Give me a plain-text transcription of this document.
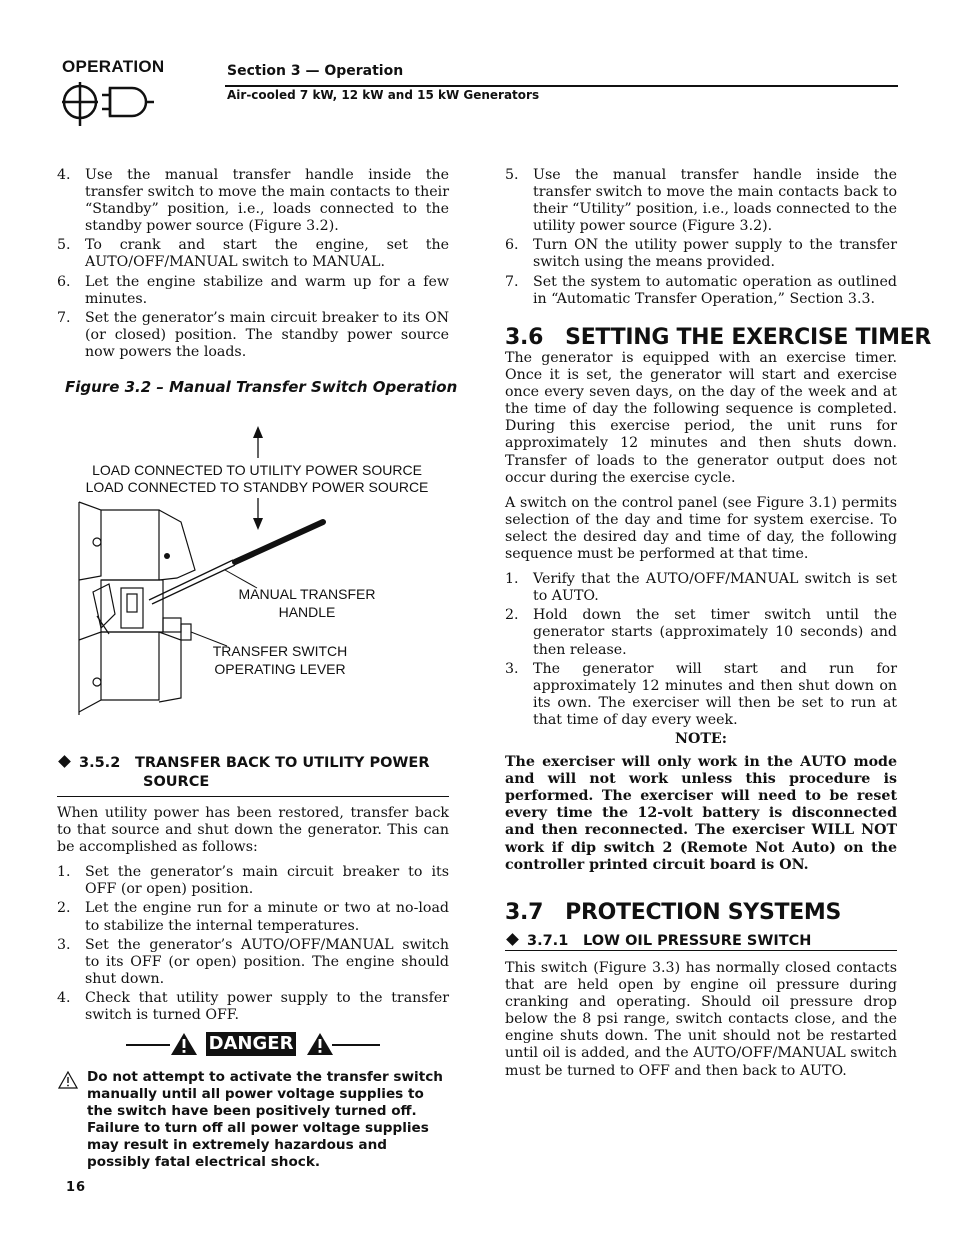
OPERATION	Section 3 — Operation
Air-cooled 7 kW, 12 kW and 15 kW Generators
4. Use the manual transfer handle inside the transfer switch to move the main contacts to their “Standby” position, i.e., loads connected to the standby power source (Figure 3.2).
5. To crank and start the engine, set the AUTO/OFF/MANUAL switch to MANUAL.
6. Let the engine stabilize and warm up for a few minutes.
7. Set the generator’s main circuit breaker to its ON (or closed) position. The standby power source now powers the loads.
Figure 3.2 – Manual Transfer Switch Operation
LOAD CONNECTED TO UTILITY POWER SOURCE
LOAD CONNECTED TO STANDBY POWER SOURCE
MANUAL TRANSFER
HANDLE
TRANSFER SWITCH
OPERATING LEVER
3.5.2 TRANSFER BACK TO UTILITY POWER
SOURCE

When utility power has been restored, transfer back to that source and shut down the generator. This can be accomplished as follows:

1. Set the generator’s main circuit breaker to its OFF (or open) position.
2. Let the engine run for a minute or two at no-load to stabilize the internal temperatures.
3. Set the generator’s AUTO/OFF/MANUAL switch to its OFF (or open) position. The engine should shut down.
4. Check that utility power supply to the transfer switch is turned OFF.
DANGER
Do not attempt to activate the transfer switch manually until all power voltage supplies to the switch have been positively turned off. Failure to turn off all power voltage supplies may result in extremely hazardous and possibly fatal electrical shock.
16
5. Use the manual transfer handle inside the transfer switch to move the main contacts back to their “Utility” position, i.e., loads connected to the utility power source (Figure 3.2).
6. Turn ON the utility power supply to the transfer switch using the means provided.
7. Set the system to automatic operation as outlined in “Automatic Transfer Operation,” Section 3.3.
3.6   SETTING THE EXERCISE TIMER

The generator is equipped with an exercise timer. Once it is set, the generator will start and exercise once every seven days, on the day of the week and at the time of day the following sequence is completed. During this exercise period, the unit runs for approximately 12 minutes and then shuts down. Transfer of loads to the generator output does not occur during the exercise cycle.

A switch on the control panel (see Figure 3.1) permits selection of the day and time for system exercise. To select the desired day and time of day, the following sequence must be performed at that time.

1. Verify that the AUTO/OFF/MANUAL switch is set to AUTO.
2. Hold down the set timer switch until the generator starts (approximately 10 seconds) and then release.
3. The generator will start and run for approximately 12 minutes and then shut down on its own. The exerciser will then be set to run at that time of day every week.
NOTE:

The exerciser will only work in the AUTO mode and will not work unless this procedure is performed. The exerciser will need to be reset every time the 12-volt battery is disconnected and then reconnected. The exerciser WILL NOT work if dip switch 2 (Remote Not Auto) on the controller printed circuit board is ON.

3.7   PROTECTION SYSTEMS
3.7.1 LOW OIL PRESSURE SWITCH
This switch (Figure 3.3) has normally closed contacts that are held open by engine oil pressure during cranking and operating. Should oil pressure drop below the 8 psi range, switch contacts close, and the engine shuts down. The unit should not be restarted until oil is added, and the AUTO/OFF/MANUAL switch must be turned to OFF and then back to AUTO.
